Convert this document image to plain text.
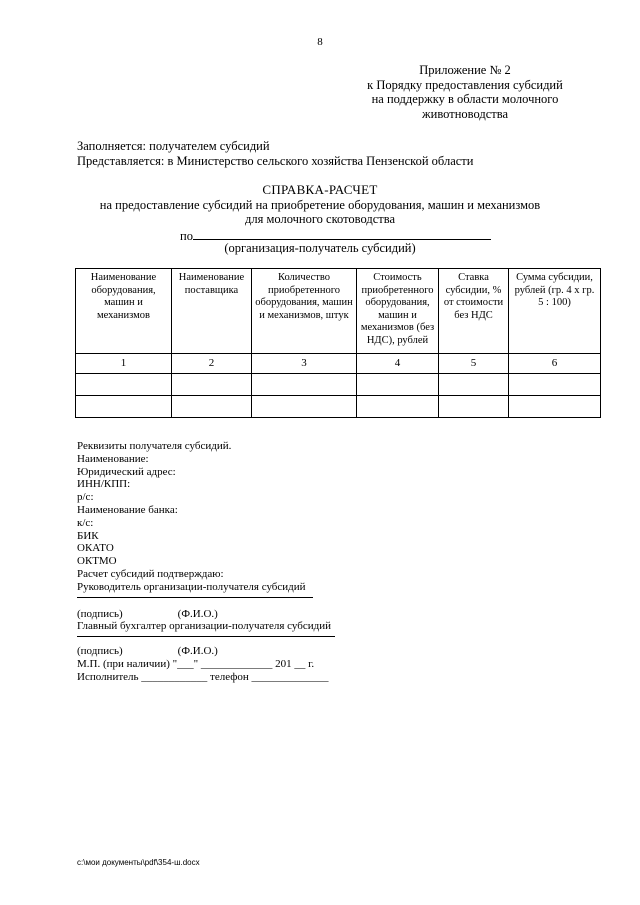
8
Приложение № 2
к Порядку предоставления субсидий
на поддержку в области молочного
животноводства
Заполняется: получателем субсидий
Представляется: в Министерство сельского хозяйства Пензенской области
СПРАВКА-РАСЧЕТ
на предоставление субсидий на приобретение оборудования, машин и механизмов
для молочного скотоводства
по
(организация-получатель субсидий)
Наименование оборудования, машин и механизмов	Наименование поставщика	Количество приобретенного оборудования, машин и механизмов, штук	Стоимость приобретенного оборудования, машин и механизмов (без НДС), рублей	Ставка субсидии, % от стоимости без НДС	Сумма субсидии, рублей (гр. 4 х гр. 5 : 100)
1	2	3	4	5	6

Реквизиты получателя субсидий.
Наименование:
Юридический адрес:
ИНН/КПП:
р/с:
Наименование банка:
к/с:
БИК
ОКАТО
ОКТМО
Расчет субсидий подтверждаю:
Руководитель организации-получателя субсидий
(подпись)                    (Ф.И.О.)
Главный бухгалтер организации-получателя субсидий
(подпись)                    (Ф.И.О.)
М.П. (при наличии) "___" _____________ 201 __ г.
Исполнитель ____________ телефон ______________
c:\мои документы\pdf\354-ш.docx
